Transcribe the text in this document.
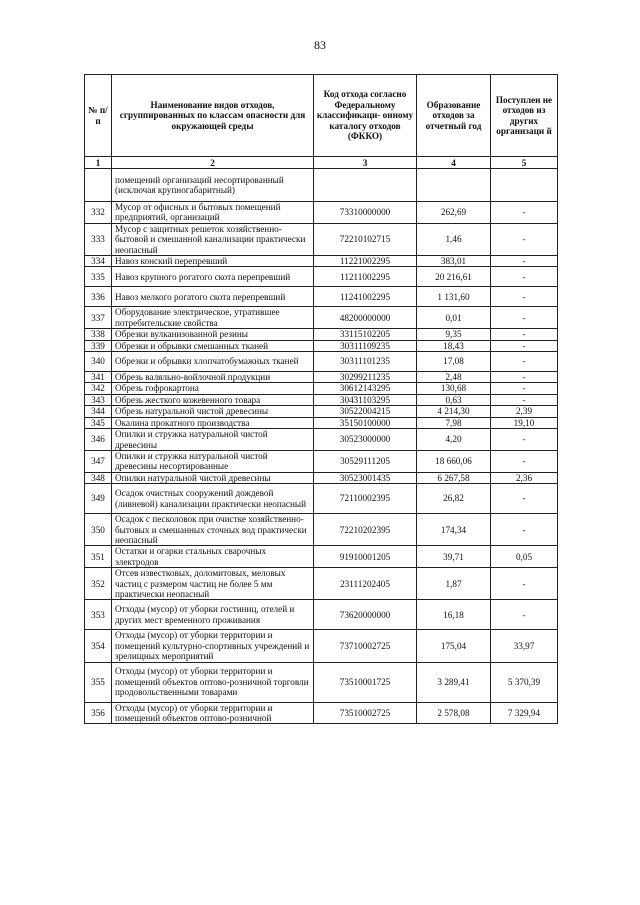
83
№ п/п	Наименование видов отходов, сгруппированных по классам опасности для окружающей среды	Код отхода согласно Федеральному классификаци- онному каталогу отходов (ФККО)	Образование отходов за отчетный год	Поступлен не отходов из других организаци й
1	2	3	4	5
	помещений организаций несортированный (исключая крупногабаритный)			
332	Мусор от офисных и бытовых помещений предприятий, организаций	73310000000	262,69	-
333	Мусор с защитных решеток хозяйственно-бытовой и смешанной канализации практически неопасный	72210102715	1,46	-
334	Навоз конский перепревший	11221002295	383,01	-
335	Навоз крупного рогатого скота перепревший	11211002295	20 216,61	-
336	Навоз мелкого рогатого скота перепревший	11241002295	1 131,60	-
337	Оборудование электрическое, утратившее потребительские свойства	48200000000	0,01	-
338	Обрезки вулканизованной резины	33115102205	9,35	-
339	Обрезки и обрывки смешанных тканей	30311109235	18,43	-
340	Обрезки и обрывки хлопчатобумажных тканей	30311101235	17,08	-
341	Обрезь валяльно-войлочной продукции	30299211235	2,48	-
342	Обрезь гофрокартона	30612143295	130,68	-
343	Обрезь жесткого кожевенного товара	30431103295	0,63	-
344	Обрезь натуральной чистой древесины	30522004215	4 214,30	2,39
345	Окалина прокатного производства	35150100000	7,98	19,10
346	Опилки и стружка натуральной чистой древесины	30523000000	4,20	-
347	Опилки и стружка натуральной чистой древесины несортированные	30529111205	18 660,06	-
348	Опилки натуральной чистой древесины	30523001435	6 267,58	2,36
349	Осадок очистных сооружений дождевой (ливневой) канализации практически неопасный	72110002395	26,82	-
350	Осадок с песколовок при очистке хозяйственно-бытовых и смешанных сточных вод практически неопасный	72210202395	174,34	-
351	Остатки и огарки стальных сварочных электродов	91910001205	39,71	0,05
352	Отсев известковых, доломитовых, меловых частиц с размером частиц не более 5 мм практически неопасный	23111202405	1,87	-
353	Отходы (мусор) от уборки гостиниц, отелей и других мест временного проживания	73620000000	16,18	-
354	Отходы (мусор) от уборки территории и помещений культурно-спортивных учреждений и зрелищных мероприятий	73710002725	175,04	33,97
355	Отходы (мусор) от уборки территории и помещений объектов оптово-розничной торговли продовольственными товарами	73510001725	3 289,41	5 370,39
356	Отходы (мусор) от уборки территории и помещений объектов оптово-розничной	73510002725	2 578,08	7 329,94
